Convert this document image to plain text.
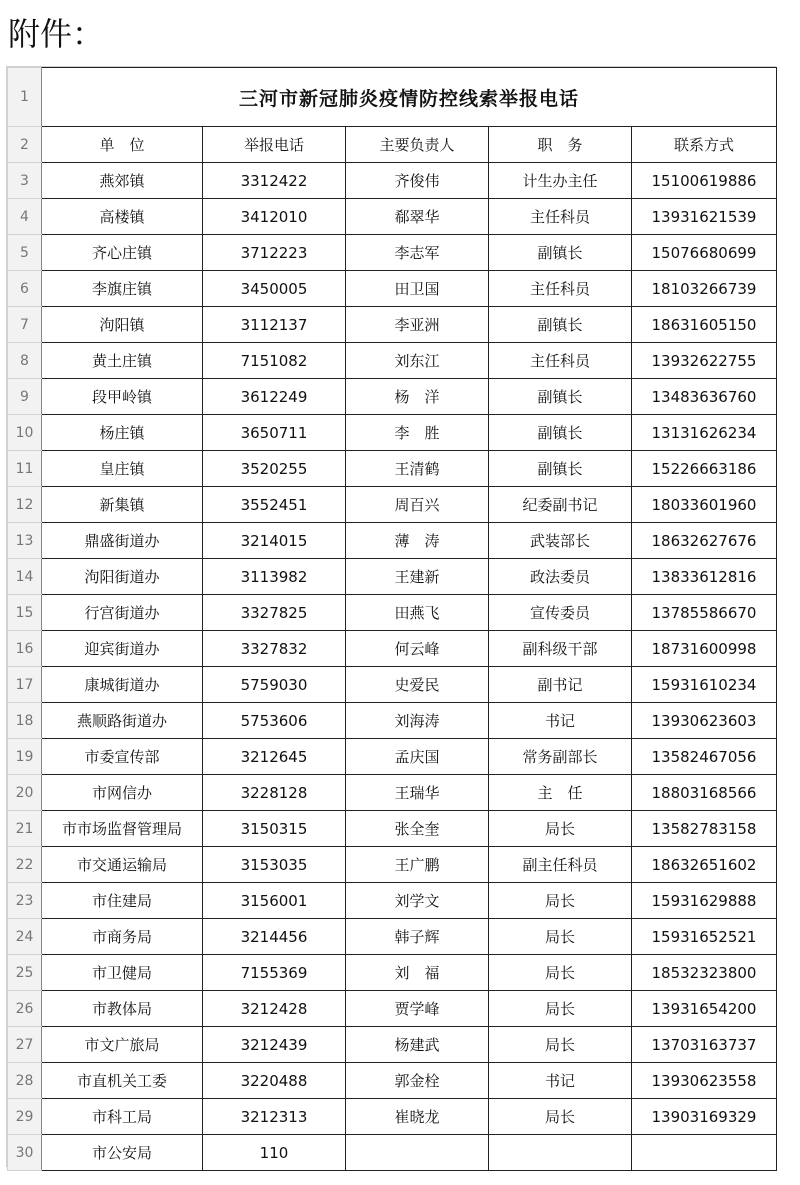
附件：
1	三河市新冠肺炎疫情防控线索举报电话				
2	单　位	举报电话	主要负责人	职　务	联系方式
3	燕郊镇	3312422	齐俊伟	计生办主任	15100619886
4	高楼镇	3412010	郗翠华	主任科员	13931621539
5	齐心庄镇	3712223	李志军	副镇长	15076680699
6	李旗庄镇	3450005	田卫国	主任科员	18103266739
7	泃阳镇	3112137	李亚洲	副镇长	18631605150
8	黄土庄镇	7151082	刘东江	主任科员	13932622755
9	段甲岭镇	3612249	杨　洋	副镇长	13483636760
10	杨庄镇	3650711	李　胜	副镇长	13131626234
11	皇庄镇	3520255	王清鹤	副镇长	15226663186
12	新集镇	3552451	周百兴	纪委副书记	18033601960
13	鼎盛街道办	3214015	薄　涛	武装部长	18632627676
14	泃阳街道办	3113982	王建新	政法委员	13833612816
15	行宫街道办	3327825	田燕飞	宣传委员	13785586670
16	迎宾街道办	3327832	何云峰	副科级干部	18731600998
17	康城街道办	5759030	史爱民	副书记	15931610234
18	燕顺路街道办	5753606	刘海涛	书记	13930623603
19	市委宣传部	3212645	孟庆国	常务副部长	13582467056
20	市网信办	3228128	王瑞华	主　任	18803168566
21	市市场监督管理局	3150315	张全奎	局长	13582783158
22	市交通运输局	3153035	王广鹏	副主任科员	18632651602
23	市住建局	3156001	刘学文	局长	15931629888
24	市商务局	3214456	韩子辉	局长	15931652521
25	市卫健局	7155369	刘　福	局长	18532323800
26	市教体局	3212428	贾学峰	局长	13931654200
27	市文广旅局	3212439	杨建武	局长	13703163737
28	市直机关工委	3220488	郭金栓	书记	13930623558
29	市科工局	3212313	崔晓龙	局长	13903169329
30	市公安局	110			
